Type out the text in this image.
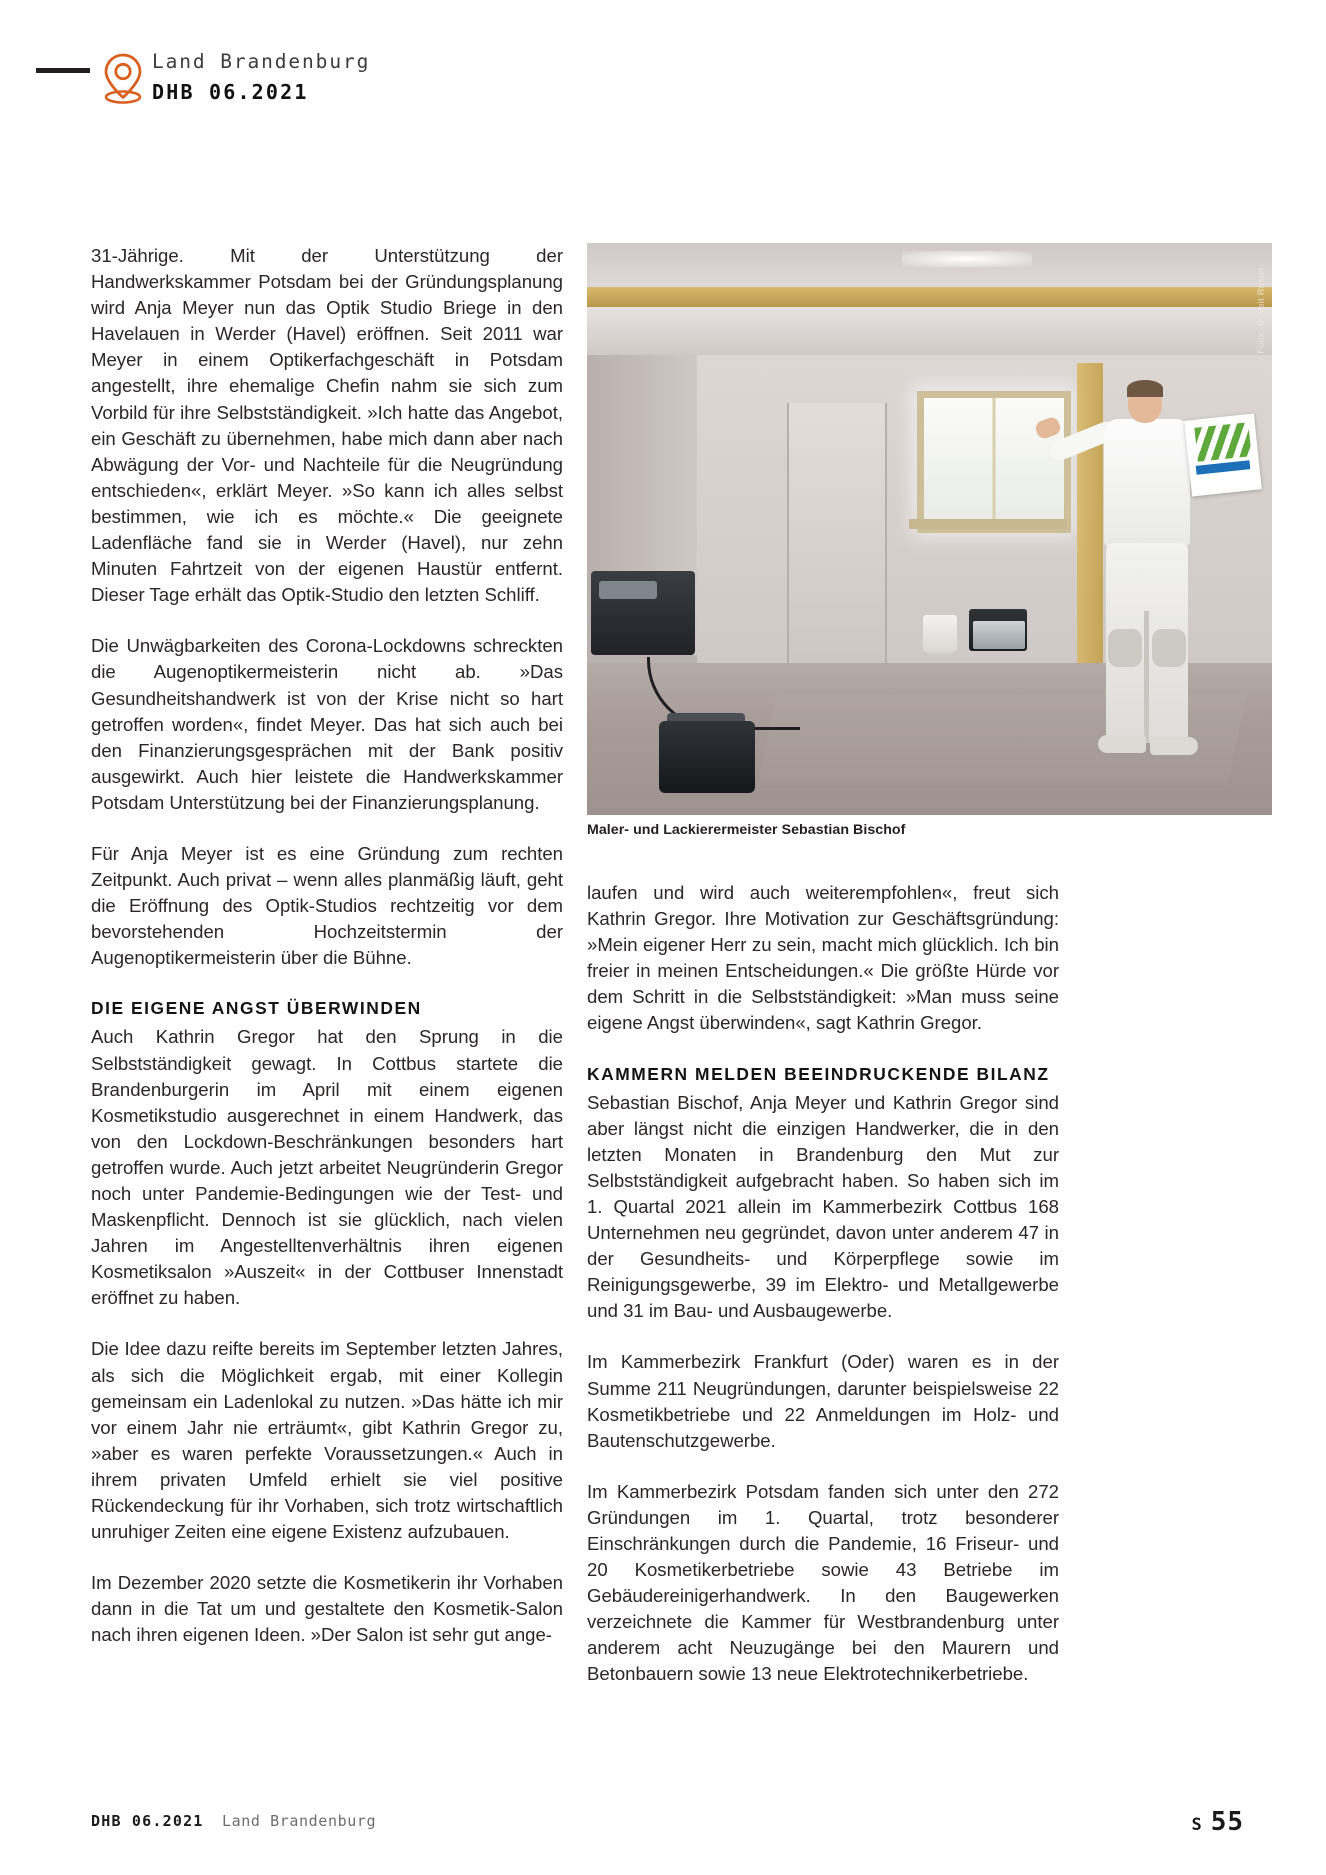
Land Brandenburg
DHB 06.2021
Foto: © Veit Rösler
Maler- und Lackierermeister Sebastian Bischof

31-Jährige. Mit der Unterstützung der Handwerkskammer Potsdam bei der Gründungsplanung wird Anja Meyer nun das Optik Studio Briege in den Havelauen in Werder (Havel) eröffnen. Seit 2011 war Meyer in einem Optikerfachgeschäft in Potsdam angestellt, ihre ehemalige Chefin nahm sie sich zum Vorbild für ihre Selbstständigkeit. »Ich hatte das Angebot, ein Geschäft zu übernehmen, habe mich dann aber nach Abwägung der Vor- und Nachteile für die Neugründung entschieden«, erklärt Meyer. »So kann ich alles selbst bestimmen, wie ich es möchte.« Die geeignete Ladenfläche fand sie in Werder (Havel), nur zehn Minuten Fahrtzeit von der eigenen Haustür entfernt. Dieser Tage erhält das Optik-Studio den letzten Schliff.

Die Unwägbarkeiten des Corona-Lockdowns schreckten die Augenoptikermeisterin nicht ab. »Das Gesundheitshandwerk ist von der Krise nicht so hart getroffen worden«, findet Meyer. Das hat sich auch bei den Finanzierungsgesprächen mit der Bank positiv ausgewirkt. Auch hier leistete die Handwerkskammer Potsdam Unterstützung bei der Finanzierungsplanung.

Für Anja Meyer ist es eine Gründung zum rechten Zeitpunkt. Auch privat – wenn alles planmäßig läuft, geht die Eröffnung des Optik-Studios rechtzeitig vor dem bevorstehenden Hochzeitstermin der Augenoptikermeisterin über die Bühne.

DIE EIGENE ANGST ÜBERWINDEN

Auch Kathrin Gregor hat den Sprung in die Selbstständigkeit gewagt. In Cottbus startete die Brandenburgerin im April mit einem eigenen Kosmetikstudio ausgerechnet in einem Handwerk, das von den Lockdown-Beschränkungen besonders hart getroffen wurde. Auch jetzt arbeitet Neugründerin Gregor noch unter Pandemie-Bedingungen wie der Test- und Maskenpflicht. Dennoch ist sie glücklich, nach vielen Jahren im Angestelltenverhältnis ihren eigenen Kosmetiksalon »Auszeit« in der Cottbuser Innenstadt eröffnet zu haben.

Die Idee dazu reifte bereits im September letzten Jahres, als sich die Möglichkeit ergab, mit einer Kollegin gemeinsam ein Ladenlokal zu nutzen. »Das hätte ich mir vor einem Jahr nie erträumt«, gibt Kathrin Gregor zu, »aber es waren perfekte Voraussetzungen.« Auch in ihrem privaten Umfeld erhielt sie viel positive Rückendeckung für ihr Vorhaben, sich trotz wirtschaftlich unruhiger Zeiten eine eigene Existenz aufzubauen.

Im Dezember 2020 setzte die Kosmetikerin ihr Vorhaben dann in die Tat um und gestaltete den Kosmetik-Salon nach ihren eigenen Ideen. »Der Salon ist sehr gut ange-

laufen und wird auch weiterempfohlen«, freut sich Kathrin Gregor. Ihre Motivation zur Geschäftsgründung: »Mein eigener Herr zu sein, macht mich glücklich. Ich bin freier in meinen Entscheidungen.« Die größte Hürde vor dem Schritt in die Selbstständigkeit: »Man muss seine eigene Angst überwinden«, sagt Kathrin Gregor.

KAMMERN MELDEN BEEINDRUCKENDE BILANZ

Sebastian Bischof, Anja Meyer und Kathrin Gregor sind aber längst nicht die einzigen Handwerker, die in den letzten Monaten in Brandenburg den Mut zur Selbstständigkeit aufgebracht haben. So haben sich im 1. Quartal 2021 allein im Kammerbezirk Cottbus 168 Unternehmen neu gegründet, davon unter anderem 47 in der Gesundheits- und Körperpflege sowie im Reinigungsgewerbe, 39 im Elektro- und Metallgewerbe und 31 im Bau- und Ausbaugewerbe.

Im Kammerbezirk Frankfurt (Oder) waren es in der Summe 211 Neugründungen, darunter beispielsweise 22 Kosmetikbetriebe und 22 Anmeldungen im Holz- und Bautenschutzgewerbe.

Im Kammerbezirk Potsdam fanden sich unter den 272 Gründungen im 1. Quartal, trotz besonderer Einschränkungen durch die Pandemie, 16 Friseur- und 20 Kosmetikerbetriebe sowie 43 Betriebe im Gebäudereinigerhandwerk. In den Baugewerken verzeichnete die Kammer für Westbrandenburg unter anderem acht Neuzugänge bei den Maurern und Betonbauern sowie 13 neue Elektrotechnikerbetriebe.

DHB 06.2021 Land Brandenburg	S 55
